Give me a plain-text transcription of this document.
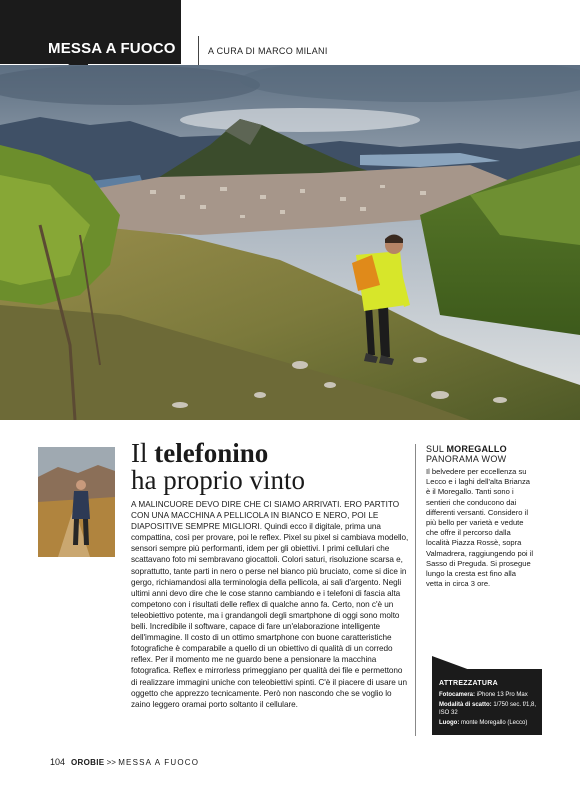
MESSA A FUOCO	A CURA DI MARCO MILANI
Il telefonino
ha proprio vinto
A MALINCUORE DEVO DIRE CHE CI SIAMO ARRIVATI. ERO PARTITO CON UNA MACCHINA A PELLICOLA IN BIANCO E NERO, POI LE DIAPOSITIVE SEMPRE MIGLIORI. Quindi ecco il digitale, prima una compattina, così per provare, poi le reflex. Pixel su pixel si cambiava modello, sensori sempre più performanti, idem per gli obiettivi. I primi cellulari che scattavano foto mi sembravano giocattoli. Colori saturi, risoluzione scarsa e, soprattutto, tante parti in nero o perse nel bianco più bruciato, come si dice in gergo, richiamandosi alla terminologia della pellicola, ai sali d'argento. Negli ultimi anni devo dire che le cose stanno cambiando e i telefoni di fascia alta competono con i risultati delle reflex di qualche anno fa. Certo, non c'è un teleobiettivo potente, ma i grandangoli degli smartphone di oggi sono molto belli. Incredibile il software, capace di fare un'elaborazione intelligente dell'immagine. Il costo di un ottimo smartphone con buone caratteristiche fotografiche è comparabile a quello di un obiettivo di qualità di un corredo reflex. Per il momento me ne guardo bene a pensionare la macchina fotografica. Reflex e mirrorless primeggiano per qualità dei file e permettono di realizzare immagini uniche con teleobiettivi spinti. C'è il piacere di usare un oggetto che apprezzo tecnicamente. Però non nascondo che se voglio lo zaino leggero oramai porto soltanto il cellulare.
SUL MOREGALLO
PANORAMA WOW
Il belvedere per eccellenza su Lecco e i laghi dell'alta Brianza è il Moregallo. Tanti sono i sentieri che conducono dai differenti versanti. Considero il più bello per varietà e vedute che offre il percorso dalla località Piazza Rossè, sopra Valmadrera, raggiungendo poi il Sasso di Preguda. Si prosegue lungo la cresta est fino alla vetta in circa 3 ore.
ATTREZZATURA
Fotocamera: iPhone 13 Pro Max
Modalità di scatto: 1/750 sec. f/1,8, ISO 32
Luogo: monte Moregallo (Lecco)
104 OROBIE >> MESSA A FUOCO
